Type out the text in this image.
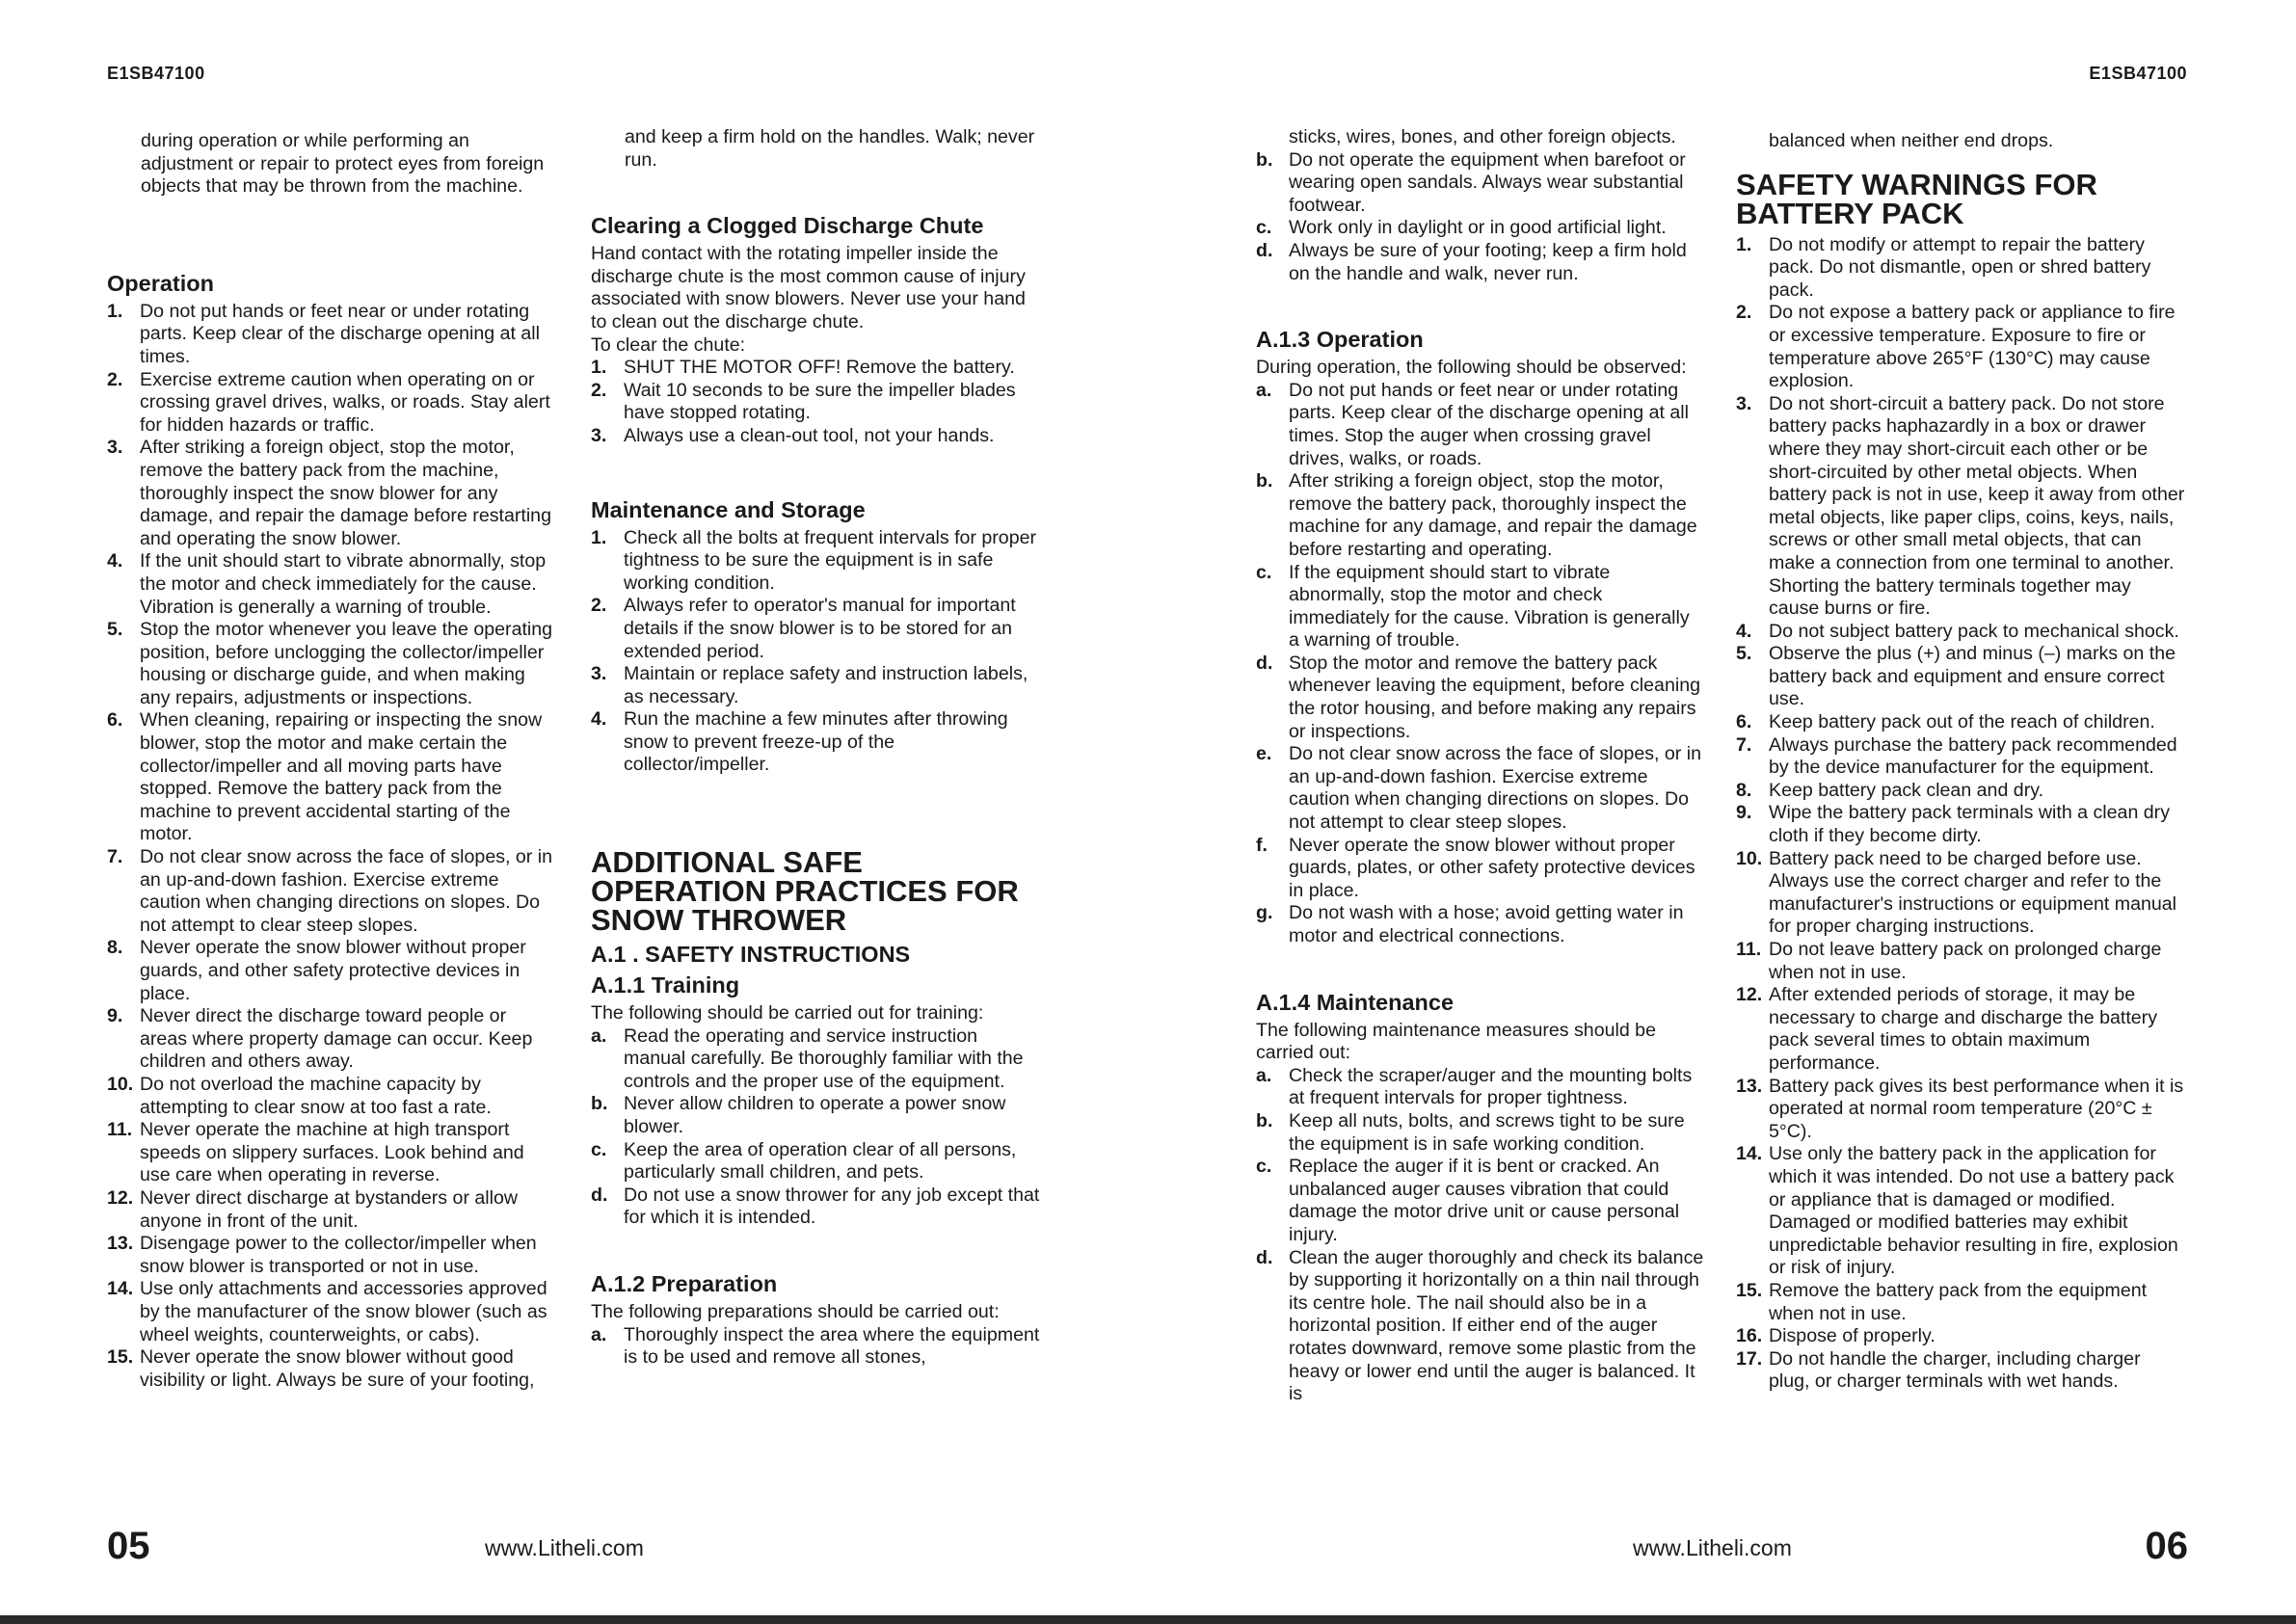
E1SB47100	E1SB47100

during operation or while performing an adjustment or repair to protect eyes from foreign objects that may be thrown from the machine.

Operation
1. Do not put hands or feet near or under rotating parts. Keep clear of the discharge opening at all times.
2. Exercise extreme caution when operating on or crossing gravel drives, walks, or roads. Stay alert for hidden hazards or traffic.
3. After striking a foreign object, stop the motor, remove the battery pack from the machine, thoroughly inspect the snow blower for any damage, and repair the damage before restarting and operating the snow blower.
4. If the unit should start to vibrate abnormally, stop the motor and check immediately for the cause. Vibration is generally a warning of trouble.
5. Stop the motor whenever you leave the operating position, before unclogging the collector/impeller housing or discharge guide, and when making any repairs, adjustments or inspections.
6. When cleaning, repairing or inspecting the snow blower, stop the motor and make certain the collector/impeller and all moving parts have stopped. Remove the battery pack from the machine to prevent accidental starting of the motor.
7. Do not clear snow across the face of slopes, or in an up-and-down fashion. Exercise extreme caution when changing directions on slopes. Do not attempt to clear steep slopes.
8. Never operate the snow blower without proper guards, and other safety protective devices in place.
9. Never direct the discharge toward people or areas where property damage can occur. Keep children and others away.
10. Do not overload the machine capacity by attempting to clear snow at too fast a rate.
11. Never operate the machine at high transport speeds on slippery surfaces. Look behind and use care when operating in reverse.
12. Never direct discharge at bystanders or allow anyone in front of the unit.
13. Disengage power to the collector/impeller when snow blower is transported or not in use.
14. Use only attachments and accessories approved by the manufacturer of the snow blower (such as wheel weights, counterweights, or cabs).
15. Never operate the snow blower without good visibility or light. Always be sure of your footing,

and keep a firm hold on the handles. Walk; never run.

Clearing a Clogged Discharge Chute

Hand contact with the rotating impeller inside the discharge chute is the most common cause of injury associated with snow blowers. Never use your hand to clean out the discharge chute.

To clear the chute:

1. SHUT THE MOTOR OFF! Remove the battery.
2. Wait 10 seconds to be sure the impeller blades have stopped rotating.
3. Always use a clean-out tool, not your hands.
Maintenance and Storage
1. Check all the bolts at frequent intervals for proper tightness to be sure the equipment is in safe working condition.
2. Always refer to operator's manual for important details if the snow blower is to be stored for an extended period.
3. Maintain or replace safety and instruction labels, as necessary.
4. Run the machine a few minutes after throwing snow to prevent freeze-up of the collector/impeller.
ADDITIONAL SAFE OPERATION PRACTICES FOR SNOW THROWER
A.1 . SAFETY INSTRUCTIONS
A.1.1 Training

The following should be carried out for training:

a. Read the operating and service instruction manual carefully. Be thoroughly familiar with the controls and the proper use of the equipment.
b. Never allow children to operate a power snow blower.
c. Keep the area of operation clear of all persons, particularly small children, and pets.
d. Do not use a snow thrower for any job except that for which it is intended.
A.1.2 Preparation

The following preparations should be carried out:

a. Thoroughly inspect the area where the equipment is to be used and remove all stones,

sticks, wires, bones, and other foreign objects.

b. Do not operate the equipment when barefoot or wearing open sandals. Always wear substantial footwear.
c. Work only in daylight or in good artificial light.
d. Always be sure of your footing; keep a firm hold on the handle and walk, never run.
A.1.3 Operation

During operation, the following should be observed:

a. Do not put hands or feet near or under rotating parts. Keep clear of the discharge opening at all times. Stop the auger when crossing gravel drives, walks, or roads.
b. After striking a foreign object, stop the motor, remove the battery pack, thoroughly inspect the machine for any damage, and repair the damage before restarting and operating.
c. If the equipment should start to vibrate abnormally, stop the motor and check immediately for the cause. Vibration is generally a warning of trouble.
d. Stop the motor and remove the battery pack whenever leaving the equipment, before cleaning the rotor housing, and before making any repairs or inspections.
e. Do not clear snow across the face of slopes, or in an up-and-down fashion. Exercise extreme caution when changing directions on slopes. Do not attempt to clear steep slopes.
f. Never operate the snow blower without proper guards, plates, or other safety protective devices in place.
g. Do not wash with a hose; avoid getting water in motor and electrical connections.
A.1.4 Maintenance

The following maintenance measures should be carried out:

a. Check the scraper/auger and the mounting bolts at frequent intervals for proper tightness.
b. Keep all nuts, bolts, and screws tight to be sure the equipment is in safe working condition.
c. Replace the auger if it is bent or cracked. An unbalanced auger causes vibration that could damage the motor drive unit or cause personal injury.
d. Clean the auger thoroughly and check its balance by supporting it horizontally on a thin nail through its centre hole. The nail should also be in a horizontal position. If either end of the auger rotates downward, remove some plastic from the heavy or lower end until the auger is balanced. It is

balanced when neither end drops.

SAFETY WARNINGS FOR BATTERY PACK
1. Do not modify or attempt to repair the battery pack. Do not dismantle, open or shred battery pack.
2. Do not expose a battery pack or appliance to fire or excessive temperature. Exposure to fire or temperature above 265°F (130°C) may cause explosion.
3. Do not short-circuit a battery pack. Do not store battery packs haphazardly in a box or drawer where they may short-circuit each other or be short-circuited by other metal objects. When battery pack is not in use, keep it away from other metal objects, like paper clips, coins, keys, nails, screws or other small metal objects, that can make a connection from one terminal to another. Shorting the battery terminals together may cause burns or fire.
4. Do not subject battery pack to mechanical shock.
5. Observe the plus (+) and minus (–) marks on the battery back and equipment and ensure correct use.
6. Keep battery pack out of the reach of children.
7. Always purchase the battery pack recommended by the device manufacturer for the equipment.
8. Keep battery pack clean and dry.
9. Wipe the battery pack terminals with a clean dry cloth if they become dirty.
10. Battery pack need to be charged before use. Always use the correct charger and refer to the manufacturer's instructions or equipment manual for proper charging instructions.
11. Do not leave battery pack on prolonged charge when not in use.
12. After extended periods of storage, it may be necessary to charge and discharge the battery pack several times to obtain maximum performance.
13. Battery pack gives its best performance when it is operated at normal room temperature (20°C ± 5°C).
14. Use only the battery pack in the application for which it was intended. Do not use a battery pack or appliance that is damaged or modified. Damaged or modified batteries may exhibit unpredictable behavior resulting in fire, explosion or risk of injury.
15. Remove the battery pack from the equipment when not in use.
16. Dispose of properly.
17. Do not handle the charger, including charger plug, or charger terminals with wet hands.
05	www.Litheli.com	www.Litheli.com	06
